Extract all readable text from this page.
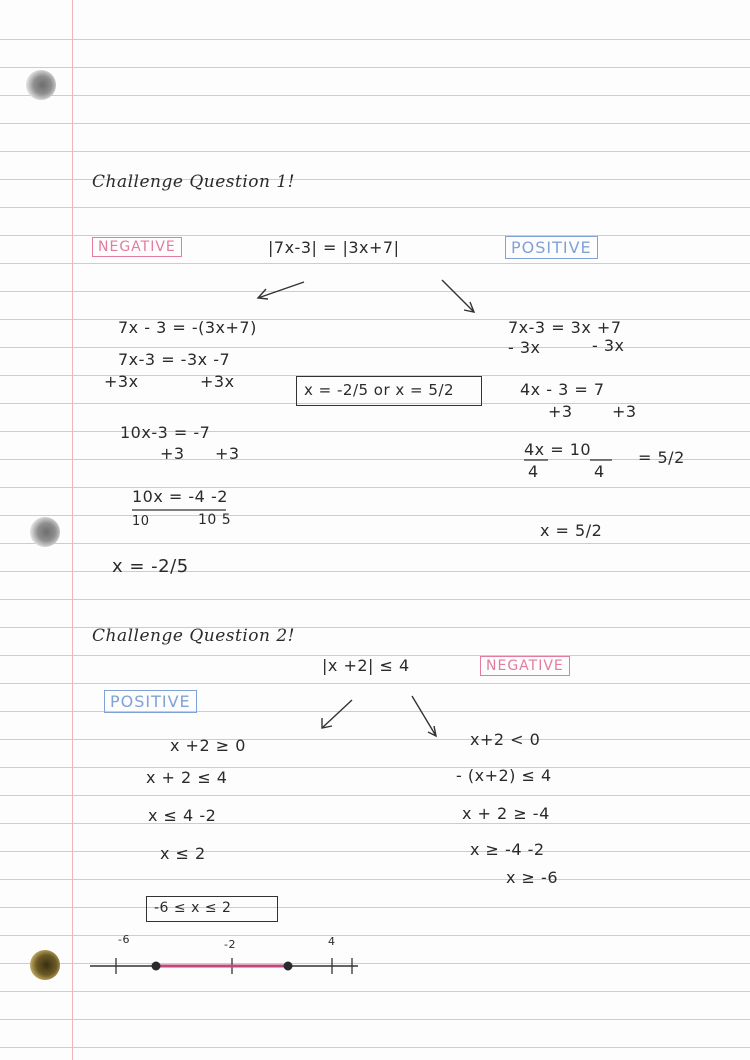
Challenge Question 1!
NEGATIVE	|7x-3| = |3x+7|	POSITIVE
7x - 3 = -(3x+7)
7x-3 = -3x -7
+3x	+3x
10x-3 = -7
+3 +3
10x = -4 -2
10	10 5
x = -2/5
x = -2/5 or x = 5/2
7x-3 = 3x +7
- 3x	- 3x
4x - 3 = 7
+3 +3
4x = 10
4	4
= 5/2
x = 5/2
Challenge Question 2!
|x +2| ≤ 4	NEGATIVE
POSITIVE
x +2 ≥ 0
x + 2 ≤ 4
x ≤ 4 -2
x ≤ 2
x+2 < 0
- (x+2) ≤ 4
x + 2 ≥ -4
x ≥ -4 -2
x ≥ -6
-6 ≤ x ≤ 2
-6	-2	4
